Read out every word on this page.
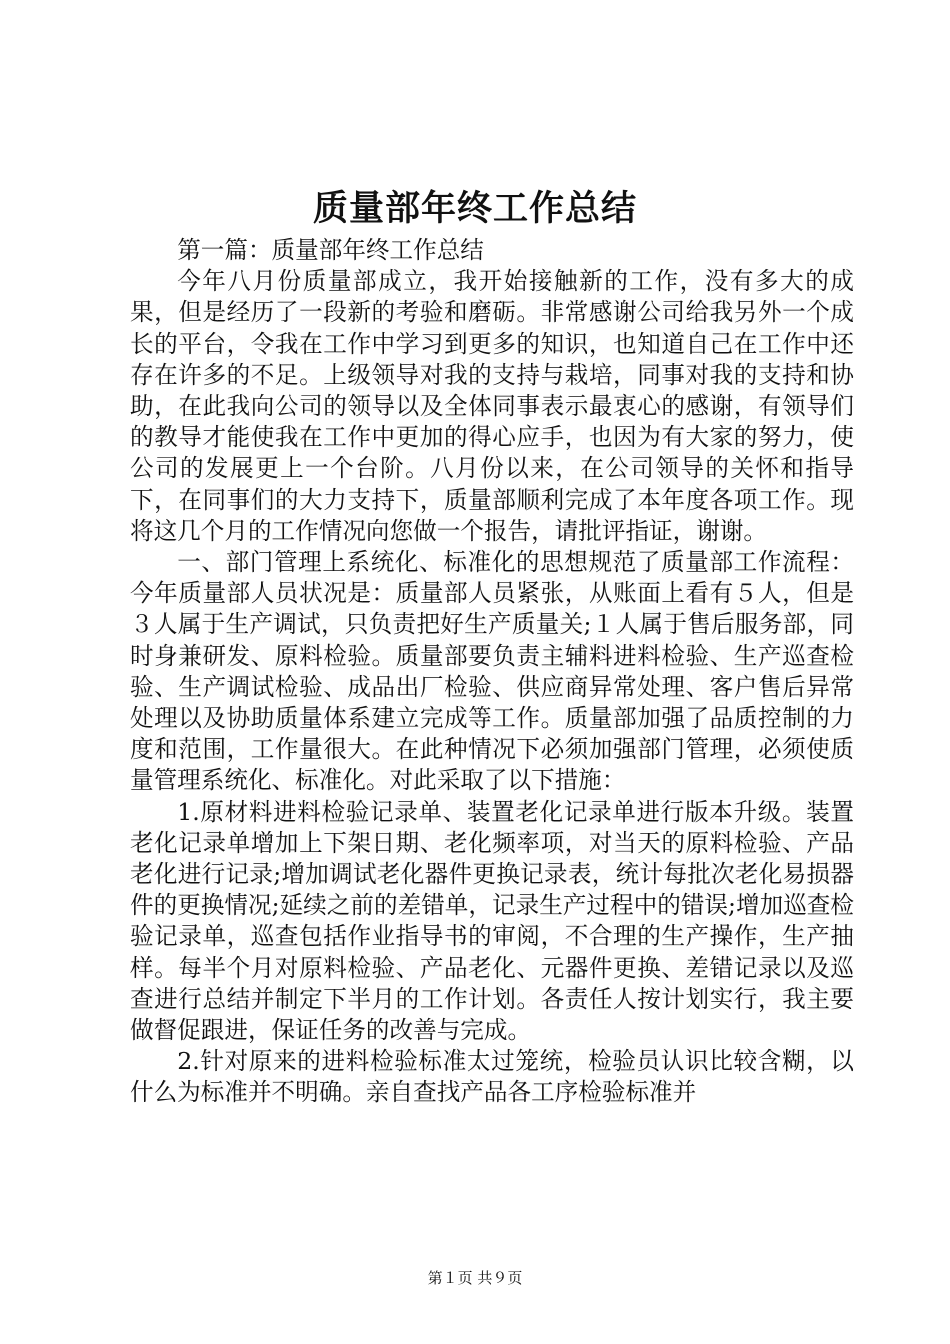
质量部年终工作总结

第一篇：质量部年终工作总结

今年八月份质量部成立，我开始接触新的工作，没有多大的成果，但是经历了一段新的考验和磨砺。非常感谢公司给我另外一个成长的平台，令我在工作中学习到更多的知识，也知道自己在工作中还存在许多的不足。上级领导对我的支持与栽培，同事对我的支持和协助，在此我向公司的领导以及全体同事表示最衷心的感谢，有领导们的教导才能使我在工作中更加的得心应手，也因为有大家的努力，使公司的发展更上一个台阶。八月份以来，在公司领导的关怀和指导下，在同事们的大力支持下，质量部顺利完成了本年度各项工作。现将这几个月的工作情况向您做一个报告，请批评指证，谢谢。

一、部门管理上系统化、标准化的思想规范了质量部工作流程：今年质量部人员状况是：质量部人员紧张，从账面上看有５人，但是３人属于生产调试，只负责把好生产质量关;１人属于售后服务部，同时身兼研发、原料检验。质量部要负责主辅料进料检验、生产巡查检验、生产调试检验、成品出厂检验、供应商异常处理、客户售后异常处理以及协助质量体系建立完成等工作。质量部加强了品质控制的力度和范围，工作量很大。在此种情况下必须加强部门管理，必须使质量管理系统化、标准化。对此采取了以下措施：

1.原材料进料检验记录单、装置老化记录单进行版本升级。装置老化记录单增加上下架日期、老化频率项，对当天的原料检验、产品老化进行记录;增加调试老化器件更换记录表，统计每批次老化易损器件的更换情况;延续之前的差错单，记录生产过程中的错误;增加巡查检验记录单，巡查包括作业指导书的审阅，不合理的生产操作，生产抽样。每半个月对原料检验、产品老化、元器件更换、差错记录以及巡查进行总结并制定下半月的工作计划。各责任人按计划实行，我主要做督促跟进，保证任务的改善与完成。

2.针对原来的进料检验标准太过笼统，检验员认识比较含糊，以什么为标准并不明确。亲自查找产品各工序检验标准并

第１页 共９页
